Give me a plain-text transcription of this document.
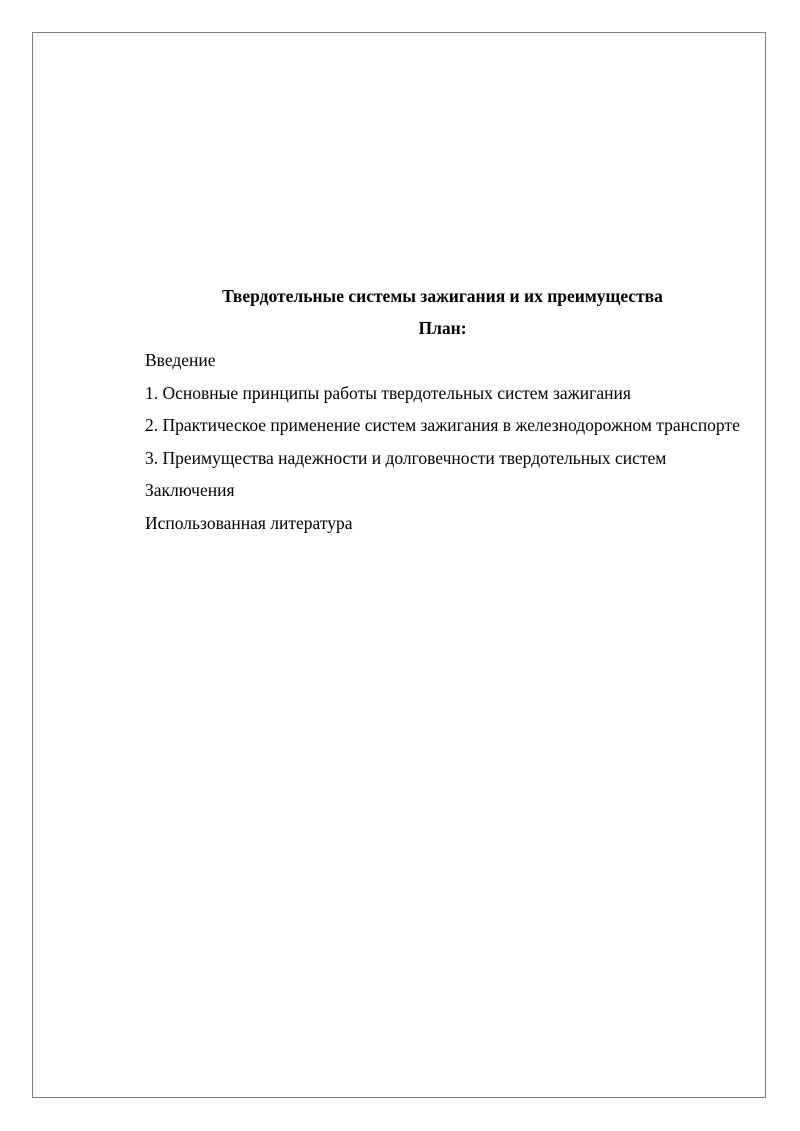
Твердотельные системы зажигания и их преимущества

План:

Введение
1. Основные принципы работы твердотельных систем зажигания
2. Практическое применение систем зажигания в железнодорожном транспорте
3. Преимущества надежности и долговечности твердотельных систем
Заключения
Использованная литература
